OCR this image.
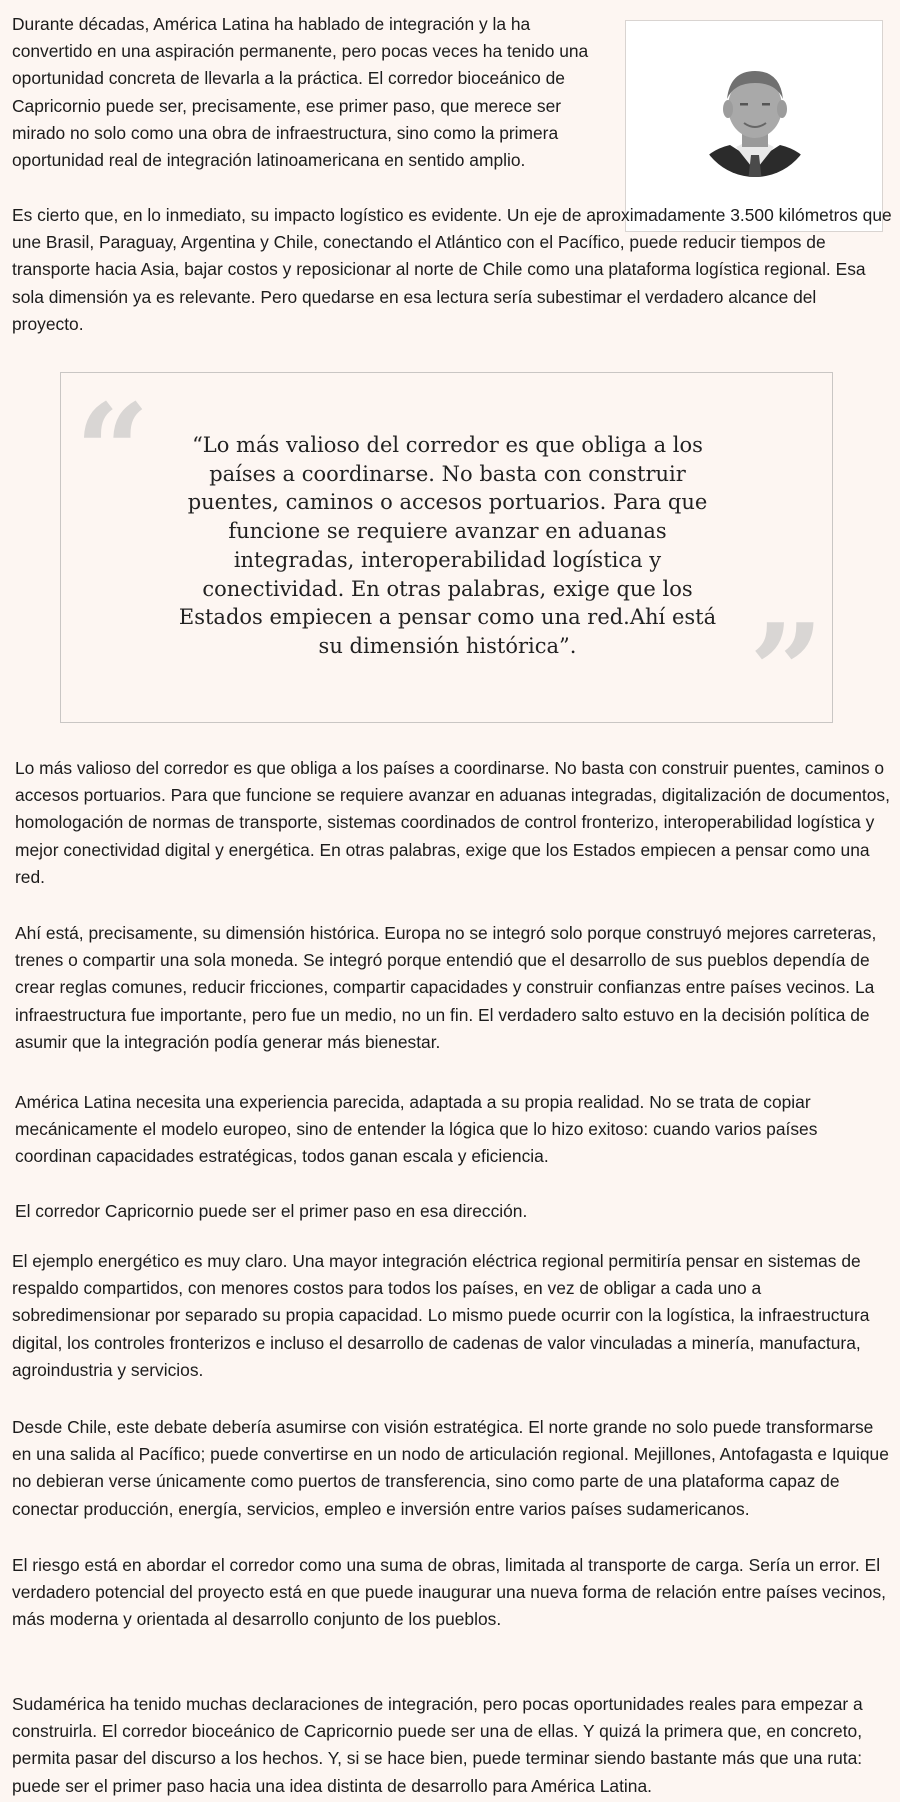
Durante décadas, América Latina ha hablado de integración y la ha convertido en una aspiración permanente, pero pocas veces ha tenido una oportunidad concreta de llevarla a la práctica. El corredor bioceánico de Capricornio puede ser, precisamente, ese primer paso, que merece ser mirado no solo como una obra de infraestructura, sino como la primera oportunidad real de integración latinoamericana en sentido amplio.

Es cierto que, en lo inmediato, su impacto logístico es evidente. Un eje de aproximadamente 3.500 kilómetros que une Brasil, Paraguay, Argentina y Chile, conectando el Atlántico con el Pacífico, puede reducir tiempos de transporte hacia Asia, bajar costos y reposicionar al norte de Chile como una plataforma logística regional. Esa sola dimensión ya es relevante. Pero quedarse en esa lectura sería subestimar el verdadero alcance del proyecto.

“	“Lo más valioso del corredor es que obliga a los países a coordinarse. No basta con construir puentes, caminos o accesos portuarios. Para que funcione se requiere avanzar en aduanas integradas, interoperabilidad logística y conectividad. En otras palabras, exige que los Estados empiecen a pensar como una red.Ahí está su dimensión histórica”.	”

Lo más valioso del corredor es que obliga a los países a coordinarse. No basta con construir puentes, caminos o accesos portuarios. Para que funcione se requiere avanzar en aduanas integradas, digitalización de documentos, homologación de normas de transporte, sistemas coordinados de control fronterizo, interoperabilidad logística y mejor conectividad digital y energética. En otras palabras, exige que los Estados empiecen a pensar como una red.

Ahí está, precisamente, su dimensión histórica. Europa no se integró solo porque construyó mejores carreteras, trenes o compartir una sola moneda. Se integró porque entendió que el desarrollo de sus pueblos dependía de crear reglas comunes, reducir fricciones, compartir capacidades y construir confianzas entre países vecinos. La infraestructura fue importante, pero fue un medio, no un fin. El verdadero salto estuvo en la decisión política de asumir que la integración podía generar más bienestar.

América Latina necesita una experiencia parecida, adaptada a su propia realidad. No se trata de copiar mecánicamente el modelo europeo, sino de entender la lógica que lo hizo exitoso: cuando varios países coordinan capacidades estratégicas, todos ganan escala y eficiencia.

El corredor Capricornio puede ser el primer paso en esa dirección.

El ejemplo energético es muy claro. Una mayor integración eléctrica regional permitiría pensar en sistemas de respaldo compartidos, con menores costos para todos los países, en vez de obligar a cada uno a sobredimensionar por separado su propia capacidad. Lo mismo puede ocurrir con la logística, la infraestructura digital, los controles fronterizos e incluso el desarrollo de cadenas de valor vinculadas a minería, manufactura, agroindustria y servicios.

Desde Chile, este debate debería asumirse con visión estratégica. El norte grande no solo puede transformarse en una salida al Pacífico; puede convertirse en un nodo de articulación regional. Mejillones, Antofagasta e Iquique no debieran verse únicamente como puertos de transferencia, sino como parte de una plataforma capaz de conectar producción, energía, servicios, empleo e inversión entre varios países sudamericanos.

El riesgo está en abordar el corredor como una suma de obras, limitada al transporte de carga. Sería un error. El verdadero potencial del proyecto está en que puede inaugurar una nueva forma de relación entre países vecinos, más moderna y orientada al desarrollo conjunto de los pueblos.

Sudamérica ha tenido muchas declaraciones de integración, pero pocas oportunidades reales para empezar a construirla. El corredor bioceánico de Capricornio puede ser una de ellas. Y quizá la primera que, en concreto, permita pasar del discurso a los hechos. Y, si se hace bien, puede terminar siendo bastante más que una ruta: puede ser el primer paso hacia una idea distinta de desarrollo para América Latina.
